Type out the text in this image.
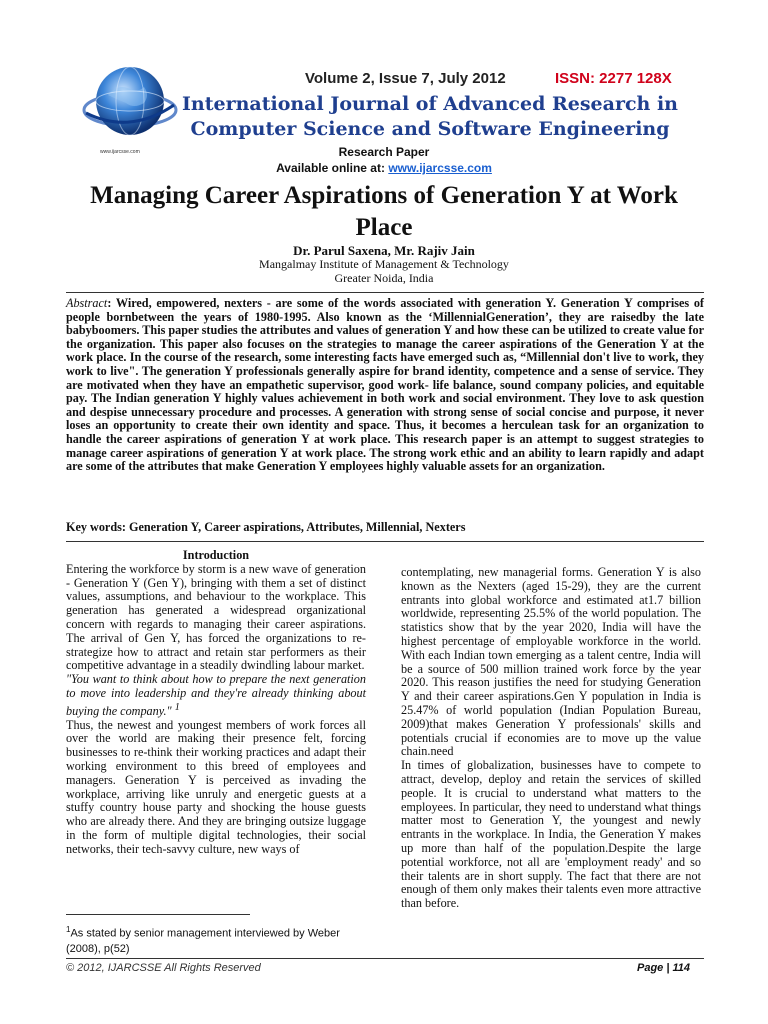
www.ijarcsse.com
Volume 2, Issue 7, July 2012	ISSN: 2277 128X
International Journal of Advanced Research in
Computer Science and Software Engineering
Research Paper
Available online at: www.ijarcsse.com
Managing Career Aspirations of Generation Y at Work Place
Dr. Parul Saxena, Mr. Rajiv Jain
Mangalmay Institute of Management & Technology
Greater Noida, India
Abstract: Wired, empowered, nexters - are some of the words associated with generation Y. Generation Y comprises of people bornbetween the years of 1980-1995. Also known as the ‘MillennialGeneration’, they are raisedby the late babyboomers. This paper studies the attributes and values of generation Y and how these can be utilized to create value for the organization. This paper also focuses on the strategies to manage the career aspirations of the Generation Y at the work place. In the course of the research, some interesting facts have emerged such as, “Millennial don't live to work, they work to live". The generation Y professionals generally aspire for brand identity, competence and a sense of service. They are motivated when they have an empathetic supervisor, good work- life balance, sound company policies, and equitable pay. The Indian generation Y highly values achievement in both work and social environment. They love to ask question and despise unnecessary procedure and processes. A generation with strong sense of social concise and purpose, it never loses an opportunity to create their own identity and space. Thus, it becomes a herculean task for an organization to handle the career aspirations of generation Y at work place. This research paper is an attempt to suggest strategies to manage career aspirations of generation Y at work place. The strong work ethic and an ability to learn rapidly and adapt are some of the attributes that make Generation Y employees highly valuable assets for an organization.
Key words: Generation Y, Career aspirations, Attributes, Millennial, Nexters

Introduction

Entering the workforce by storm is a new wave of generation - Generation Y (Gen Y), bringing with them a set of distinct values, assumptions, and behaviour to the workplace. This generation has generated a widespread organizational concern with regards to managing their career aspirations. The arrival of Gen Y, has forced the organizations to re-strategize how to attract and retain star performers as their competitive advantage in a steadily dwindling labour market.

"You want to think about how to prepare the next generation to move into leadership and they're already thinking about buying the company." $^1$

Thus, the newest and youngest members of work forces all over the world are making their presence felt, forcing businesses to re-think their working practices and adapt their working environment to this breed of employees and managers. Generation Y is perceived as invading the workplace, arriving like unruly and energetic guests at a stuffy country house party and shocking the house guests who are already there. And they are bringing outsize luggage in the form of multiple digital technologies, their social networks, their tech-savvy culture, new ways of

contemplating, new managerial forms. Generation Y is also known as the Nexters (aged 15-29), they are the current entrants into global workforce and estimated at1.7 billion worldwide, representing 25.5% of the world population. The statistics show that by the year 2020, India will have the highest percentage of employable workforce in the world. With each Indian town emerging as a talent centre, India will be a source of 500 million trained work force by the year 2020. This reason justifies the need for studying Generation Y and their career aspirations.Gen Y population in India is 25.47% of world population (Indian Population Bureau, 2009)that makes Generation Y professionals' skills and potentials crucial if economies are to move up the value chain.need

In times of globalization, businesses have to compete to attract, develop, deploy and retain the services of skilled people. It is crucial to understand what matters to the employees. In particular, they need to understand what things matter most to Generation Y, the youngest and newly entrants in the workplace. In India, the Generation Y makes up more than half of the population.Despite the large potential workforce, not all are 'employment ready' and so their talents are in short supply. The fact that there are not enough of them only makes their talents even more attractive than before.

$^1$As stated by senior management interviewed by Weber (2008), p(52)
© 2012, IJARCSSE All Rights Reserved	Page | 114
